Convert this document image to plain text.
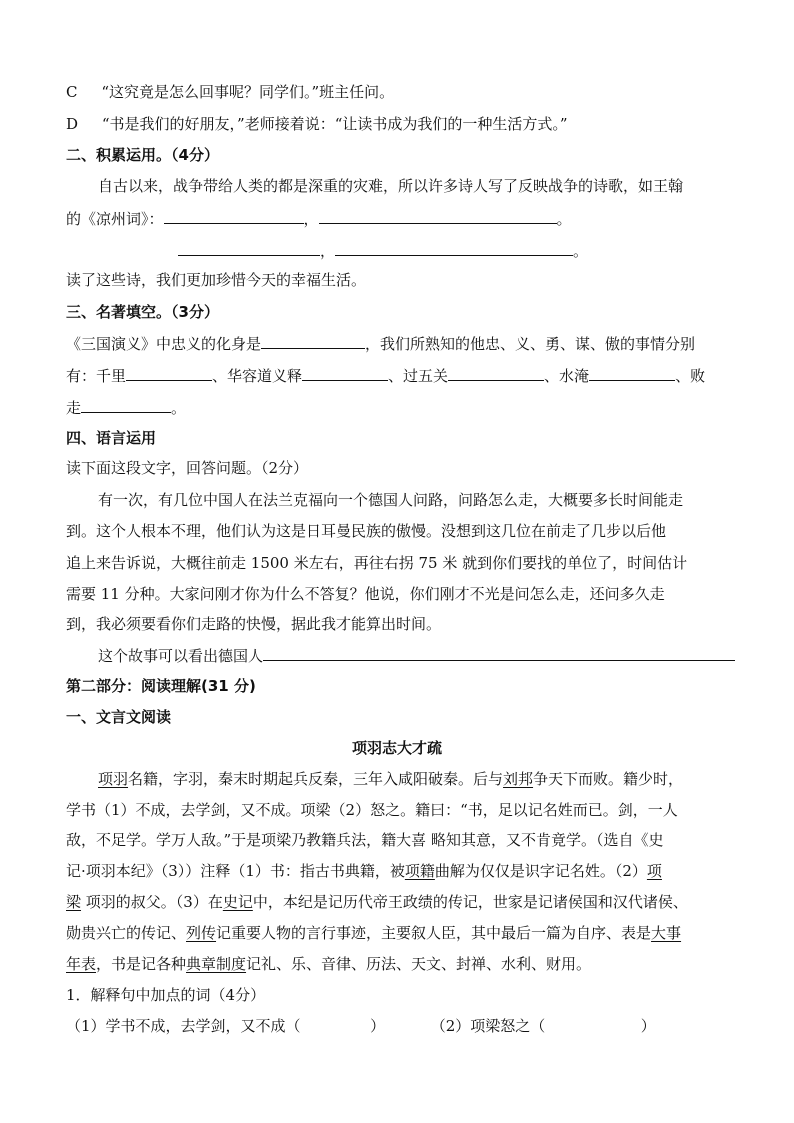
C “这究竟是怎么回事呢？同学们。”班主任问。
D “书是我们的好朋友，”老师接着说：“让读书成为我们的一种生活方式。”
二、积累运用。（4分）
自古以来，战争带给人类的都是深重的灾难，所以许多诗人写了反映战争的诗歌，如王翰
的《凉州词》：	，	。
，	。
读了这些诗，我们更加珍惜今天的幸福生活。
三、名著填空。（3分）
《三国演义》中忠义的化身是	，我们所熟知的他忠、义、勇、谋、傲的事情分别
有：千里	、华容道义释	、过五关	、水淹	、败
走	。
四、语言运用
读下面这段文字，回答问题。（2分）
有一次，有几位中国人在法兰克福向一个德国人问路，问路怎么走，大概要多长时间能走
到。这个人根本不理，他们认为这是日耳曼民族的傲慢。没想到这几位在前走了几步以后他
追上来告诉说，大概往前走 1500 米左右，再往右拐 75 米 就到你们要找的单位了，时间估计
需要 11 分种。大家问刚才你为什么不答复？他说，你们刚才不光是问怎么走，还问多久走
到，我必须要看你们走路的快慢，据此我才能算出时间。
这个故事可以看出德国人
第二部分：阅读理解(31 分)
一、文言文阅读
项羽志大才疏
项羽名籍，字羽，秦末时期起兵反秦，三年入咸阳破秦。后与刘邦争天下而败。籍少时，
学书（1）不成，去学剑，又不成。项梁（2）怒之。籍曰：“书，足以记名姓而已。剑，一人
敌，不足学。学万人敌。”于是项梁乃教籍兵法，籍大喜 略知其意，又不肯竟学。（选自《史
记·项羽本纪》（3））注释（1）书：指古书典籍，被项籍曲解为仅仅是识字记名姓。（2）项
梁 项羽的叔父。（3）在史记中，本纪是记历代帝王政绩的传记，世家是记诸侯国和汉代诸侯、
勋贵兴亡的传记、列传记重要人物的言行事迹，主要叙人臣，其中最后一篇为自序、表是大事
年表，书是记各种典章制度记礼、乐、音律、历法、天文、封禅、水利、财用。
1．解释句中加点的词（4分）
（1）学书不成，去学剑，又不成（	）	（2）项梁怒之（	）
